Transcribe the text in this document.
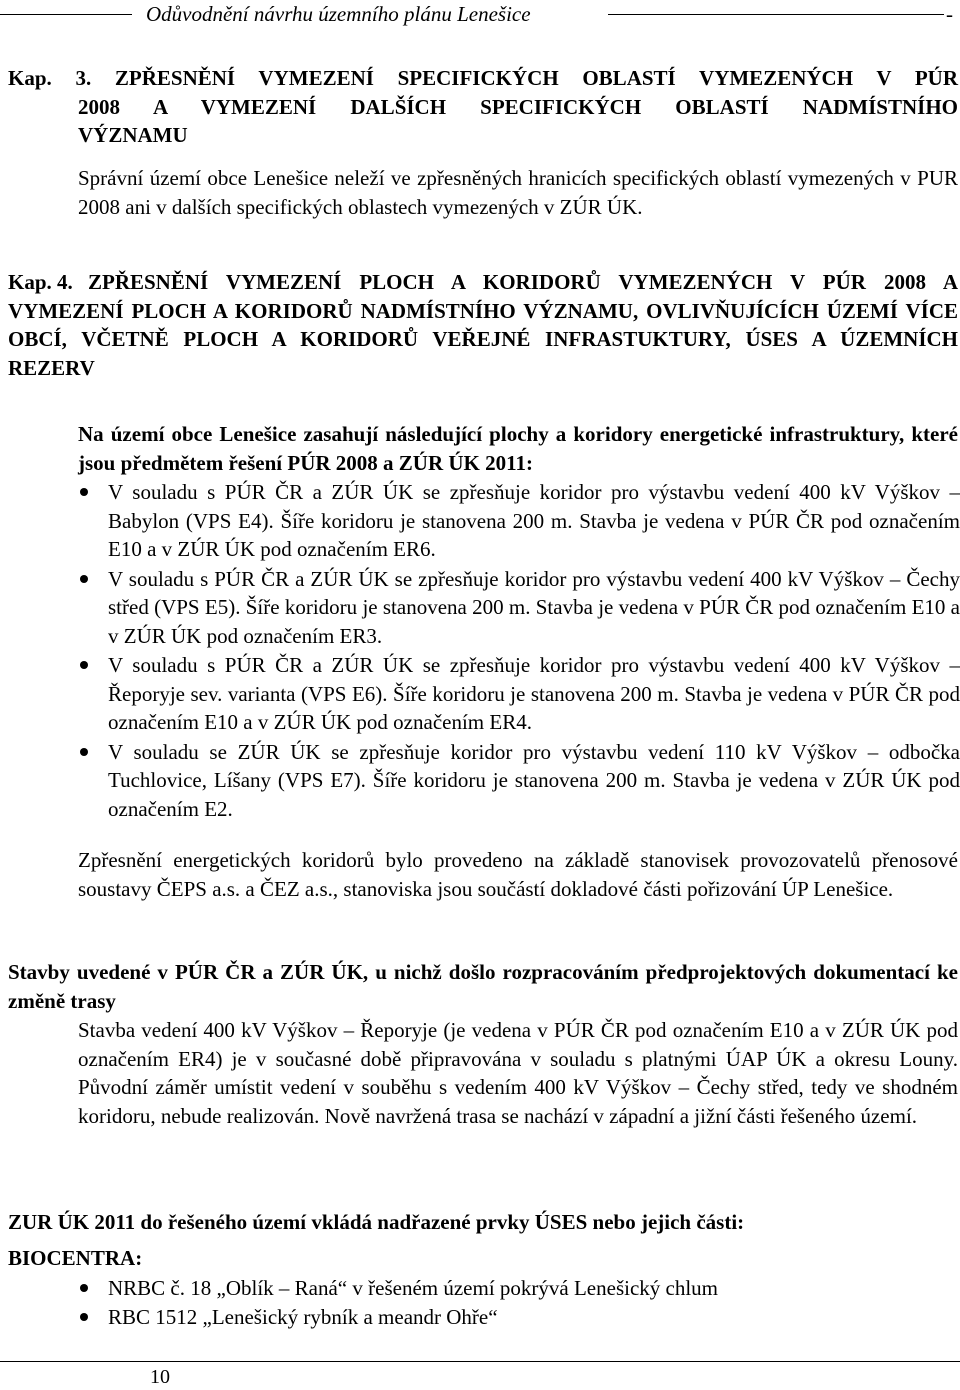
Odůvodnění návrhu územního plánu Lenešice	-
Kap. 3. ZPŘESNĚNÍ VYMEZENÍ SPECIFICKÝCH OBLASTÍ VYMEZENÝCH V PÚR
2008 A VYMEZENÍ DALŠÍCH SPECIFICKÝCH OBLASTÍ NADMÍSTNÍHO
VÝZNAMU
Správní území obce Lenešice neleží ve zpřesněných hranicích specifických oblastí vymezených v PUR 2008 ani v dalších specifických oblastech vymezených v ZÚR ÚK.
Kap. 4. ZPŘESNĚNÍ VYMEZENÍ PLOCH A KORIDORŮ VYMEZENÝCH V PÚR 2008 A VYMEZENÍ PLOCH A KORIDORŮ NADMÍSTNÍHO VÝZNAMU, OVLIVŇUJÍCÍCH ÚZEMÍ VÍCE OBCÍ, VČETNĚ PLOCH A KORIDORŮ VEŘEJNÉ INFRASTUKTURY, ÚSES A ÚZEMNÍCH REZERV
Na území obce Lenešice zasahují následující plochy a koridory energetické infrastruktury, které jsou předmětem řešení PÚR 2008 a ZÚR ÚK 2011:
V souladu s PÚR ČR a ZÚR ÚK se zpřesňuje koridor pro výstavbu vedení 400 kV Výškov – Babylon (VPS E4). Šíře koridoru je stanovena 200 m. Stavba je vedena v PÚR ČR pod označením E10 a v ZÚR ÚK pod označením ER6.
V souladu s PÚR ČR a ZÚR ÚK se zpřesňuje koridor pro výstavbu vedení 400 kV Výškov – Čechy střed (VPS E5). Šíře koridoru je stanovena 200 m. Stavba je vedena v PÚR ČR pod označením E10 a v ZÚR ÚK pod označením ER3.
V souladu s PÚR ČR a ZÚR ÚK se zpřesňuje koridor pro výstavbu vedení 400 kV Výškov – Řeporyje sev. varianta (VPS E6). Šíře koridoru je stanovena 200 m. Stavba je vedena v PÚR ČR pod označením E10 a v ZÚR ÚK pod označením ER4.
V souladu se ZÚR ÚK se zpřesňuje koridor pro výstavbu vedení 110 kV Výškov – odbočka Tuchlovice, Líšany (VPS E7). Šíře koridoru je stanovena 200 m. Stavba je vedena v ZÚR ÚK pod označením E2.
Zpřesnění energetických koridorů bylo provedeno na základě stanovisek provozovatelů přenosové soustavy ČEPS a.s. a ČEZ a.s., stanoviska jsou součástí dokladové části pořizování ÚP Lenešice.
Stavby uvedené v PÚR ČR a ZÚR ÚK, u nichž došlo rozpracováním předprojektových dokumentací ke změně trasy
Stavba vedení 400 kV Výškov – Řeporyje (je vedena v PÚR ČR pod označením E10 a v ZÚR ÚK pod označením ER4) je v současné době připravována v souladu s platnými ÚAP ÚK a okresu Louny. Původní záměr umístit vedení v souběhu s vedením 400 kV Výškov – Čechy střed, tedy ve shodném koridoru, nebude realizován. Nově navržená trasa se nachází v západní a jižní části řešeného území.
ZUR ÚK 2011 do řešeného území vkládá nadřazené prvky ÚSES nebo jejich části:
BIOCENTRA:
NRBC č. 18 „Oblík – Raná“ v řešeném území pokrývá Lenešický chlum
RBC 1512 „Lenešický rybník a meandr Ohře“
10
